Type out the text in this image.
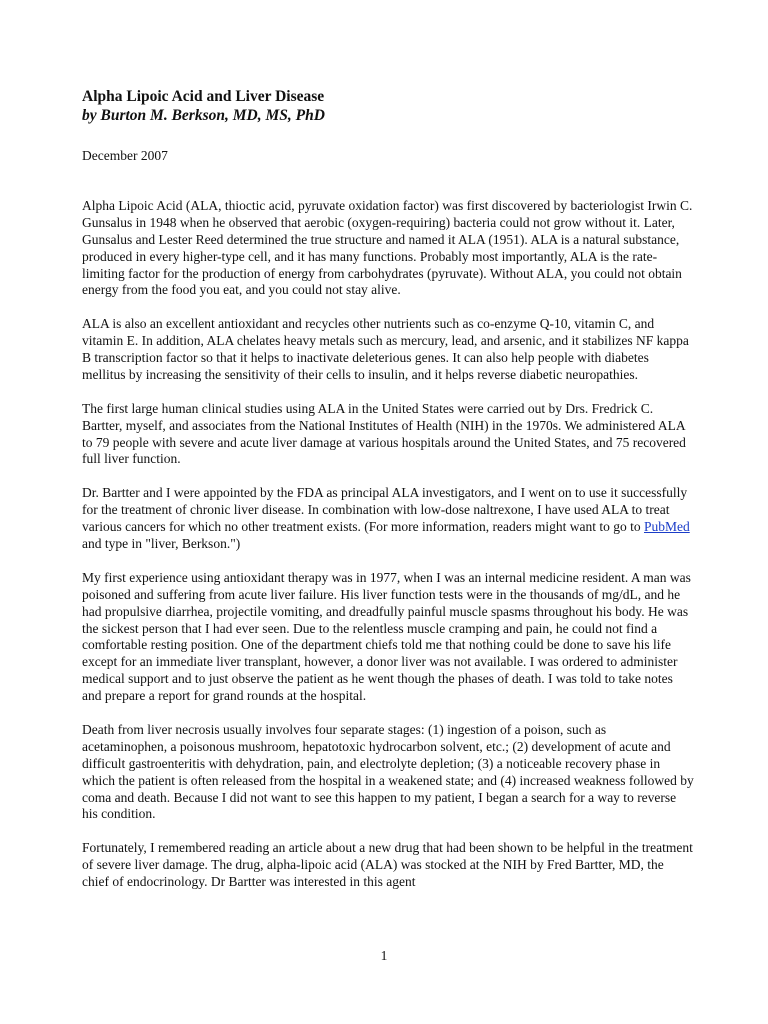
Alpha Lipoic Acid and Liver Disease

by Burton M. Berkson, MD, MS, PhD

December 2007

Alpha Lipoic Acid (ALA, thioctic acid, pyruvate oxidation factor) was first discovered by bacteriologist Irwin C. Gunsalus in 1948 when he observed that aerobic (oxygen-requiring) bacteria could not grow without it. Later, Gunsalus and Lester Reed determined the true structure and named it ALA (1951). ALA is a natural substance, produced in every higher-type cell, and it has many functions. Probably most importantly, ALA is the rate-limiting factor for the production of energy from carbohydrates (pyruvate). Without ALA, you could not obtain energy from the food you eat, and you could not stay alive.

ALA is also an excellent antioxidant and recycles other nutrients such as co-enzyme Q-10, vitamin C, and vitamin E. In addition, ALA chelates heavy metals such as mercury, lead, and arsenic, and it stabilizes NF kappa B transcription factor so that it helps to inactivate deleterious genes. It can also help people with diabetes mellitus by increasing the sensitivity of their cells to insulin, and it helps reverse diabetic neuropathies.

The first large human clinical studies using ALA in the United States were carried out by Drs. Fredrick C. Bartter, myself, and associates from the National Institutes of Health (NIH) in the 1970s. We administered ALA to 79 people with severe and acute liver damage at various hospitals around the United States, and 75 recovered full liver function.

Dr. Bartter and I were appointed by the FDA as principal ALA investigators, and I went on to use it successfully for the treatment of chronic liver disease. In combination with low-dose naltrexone, I have used ALA to treat various cancers for which no other treatment exists. (For more information, readers might want to go to PubMed and type in "liver, Berkson.")

My first experience using antioxidant therapy was in 1977, when I was an internal medicine resident. A man was poisoned and suffering from acute liver failure. His liver function tests were in the thousands of mg/dL, and he had propulsive diarrhea, projectile vomiting, and dreadfully painful muscle spasms throughout his body. He was the sickest person that I had ever seen. Due to the relentless muscle cramping and pain, he could not find a comfortable resting position. One of the department chiefs told me that nothing could be done to save his life except for an immediate liver transplant, however, a donor liver was not available. I was ordered to administer medical support and to just observe the patient as he went though the phases of death. I was told to take notes and prepare a report for grand rounds at the hospital.

Death from liver necrosis usually involves four separate stages: (1) ingestion of a poison, such as acetaminophen, a poisonous mushroom, hepatotoxic hydrocarbon solvent, etc.; (2) development of acute and difficult gastroenteritis with dehydration, pain, and electrolyte depletion; (3) a noticeable recovery phase in which the patient is often released from the hospital in a weakened state; and (4) increased weakness followed by coma and death. Because I did not want to see this happen to my patient, I began a search for a way to reverse his condition.

Fortunately, I remembered reading an article about a new drug that had been shown to be helpful in the treatment of severe liver damage. The drug, alpha-lipoic acid (ALA) was stocked at the NIH by Fred Bartter, MD, the chief of endocrinology. Dr Bartter was interested in this agent

1
